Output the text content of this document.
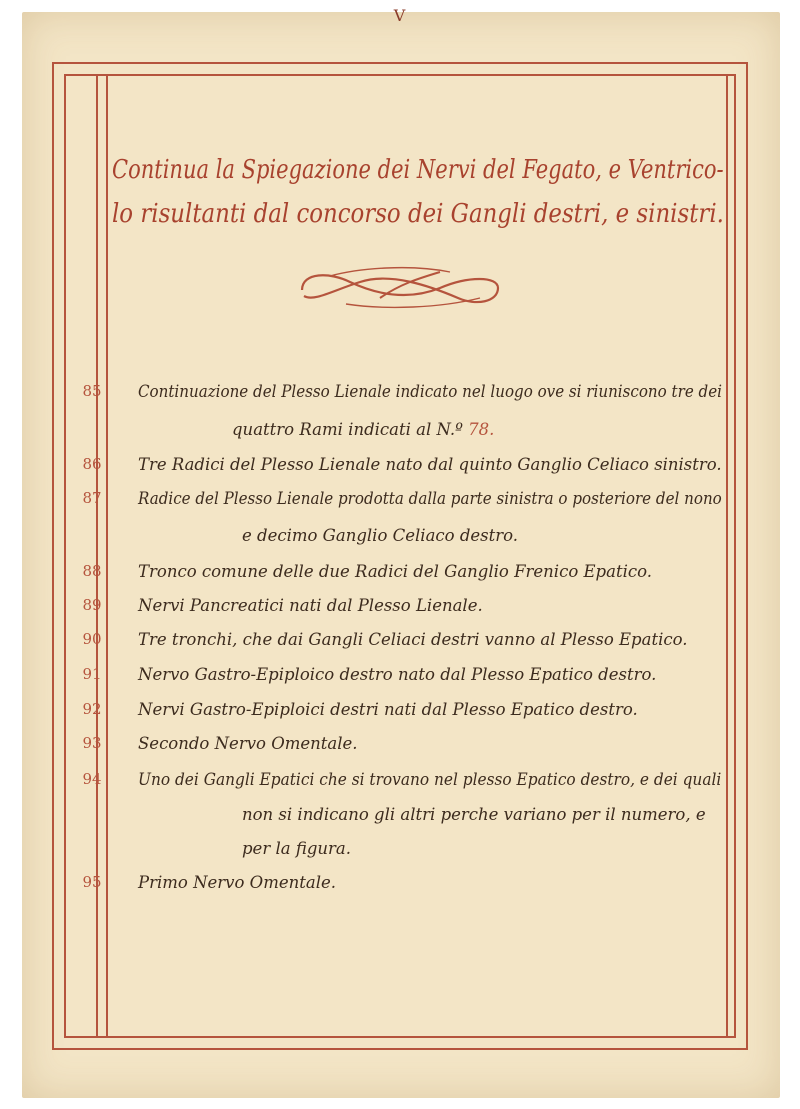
V
Continua la Spiegazione dei Nervi del Fegato, e Ventrico-
lo risultanti dal concorso dei Gangli destri, e sinistri.
85	Continuazione del Plesso Lienale indicato nel luogo ove si riuniscono tre dei
quattro Rami indicati al N.º 78.
86	Tre Radici del Plesso Lienale nato dal quinto Ganglio Celiaco sinistro.
87	Radice del Plesso Lienale prodotta dalla parte sinistra o posteriore del nono
e decimo Ganglio Celiaco destro.
88	Tronco comune delle due Radici del Ganglio Frenico Epatico.
89	Nervi Pancreatici nati dal Plesso Lienale.
90	Tre tronchi, che dai Gangli Celiaci destri vanno al Plesso Epatico.
91	Nervo Gastro-Epiploico destro nato dal Plesso Epatico destro.
92	Nervi Gastro-Epiploici destri nati dal Plesso Epatico destro.
93	Secondo Nervo Omentale.
94	Uno dei Gangli Epatici che si trovano nel plesso Epatico destro, e dei quali
non si indicano gli altri perche variano per il numero, e
per la figura.
95	Primo Nervo Omentale.
